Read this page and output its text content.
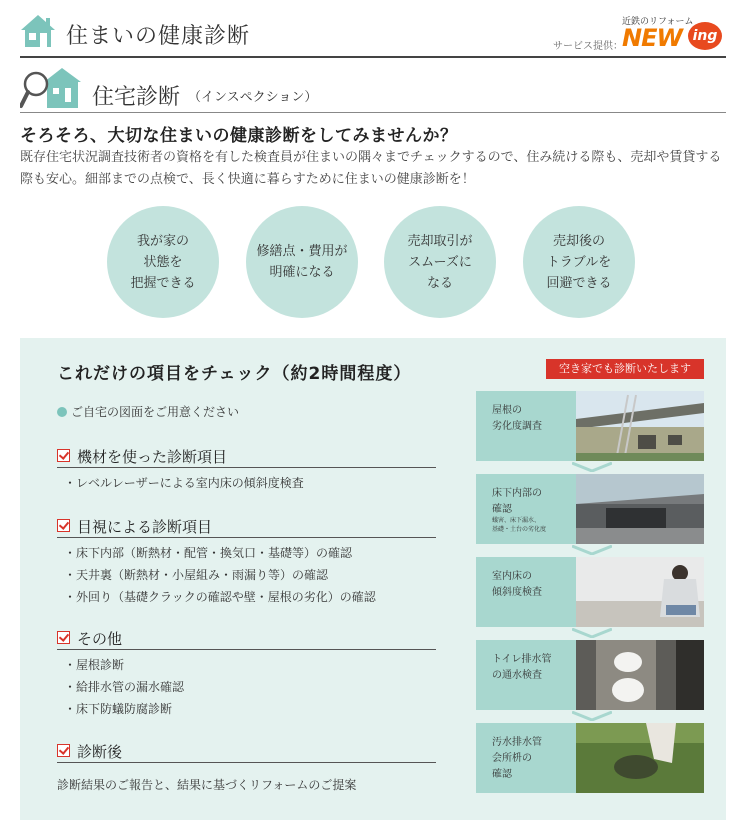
住まいの健康診断	サービス提供：
近鉄のリフォーム
NEW ing
住宅診断 （インスペクション）
そろそろ、大切な住まいの健康診断をしてみませんか？
既存住宅状況調査技術者の資格を有した検査員が住まいの隅々までチェックするので、住み続ける際も、売却や賃貸する際も安心。細部までの点検で、長く快適に暮らすために住まいの健康診断を！
我が家の
状態を
把握できる
修繕点・費用が
明確になる
売却取引が
スムーズに
なる
売却後の
トラブルを
回避できる
これだけの項目をチェック（約2時間程度）	空き家でも診断いたします
ご自宅の図面をご用意ください
機材を使った診断項目
・レベルレーザーによる室内床の傾斜度検査
目視による診断項目
・床下内部（断熱材・配管・換気口・基礎等）の確認
・天井裏（断熱材・小屋組み・雨漏り等）の確認
・外回り（基礎クラックの確認や壁・屋根の劣化）の確認
その他
・屋根診断
・給排水管の漏水確認
・床下防蟻防腐診断
診断後
診断結果のご報告と、結果に基づくリフォームのご提案
屋根の
劣化度調査
床下内部の
確認
蟻害、床下漏水、
基礎・土台の劣化度
室内床の
傾斜度検査
トイレ排水管
の通水検査
汚水排水管
会所枡の
確認
